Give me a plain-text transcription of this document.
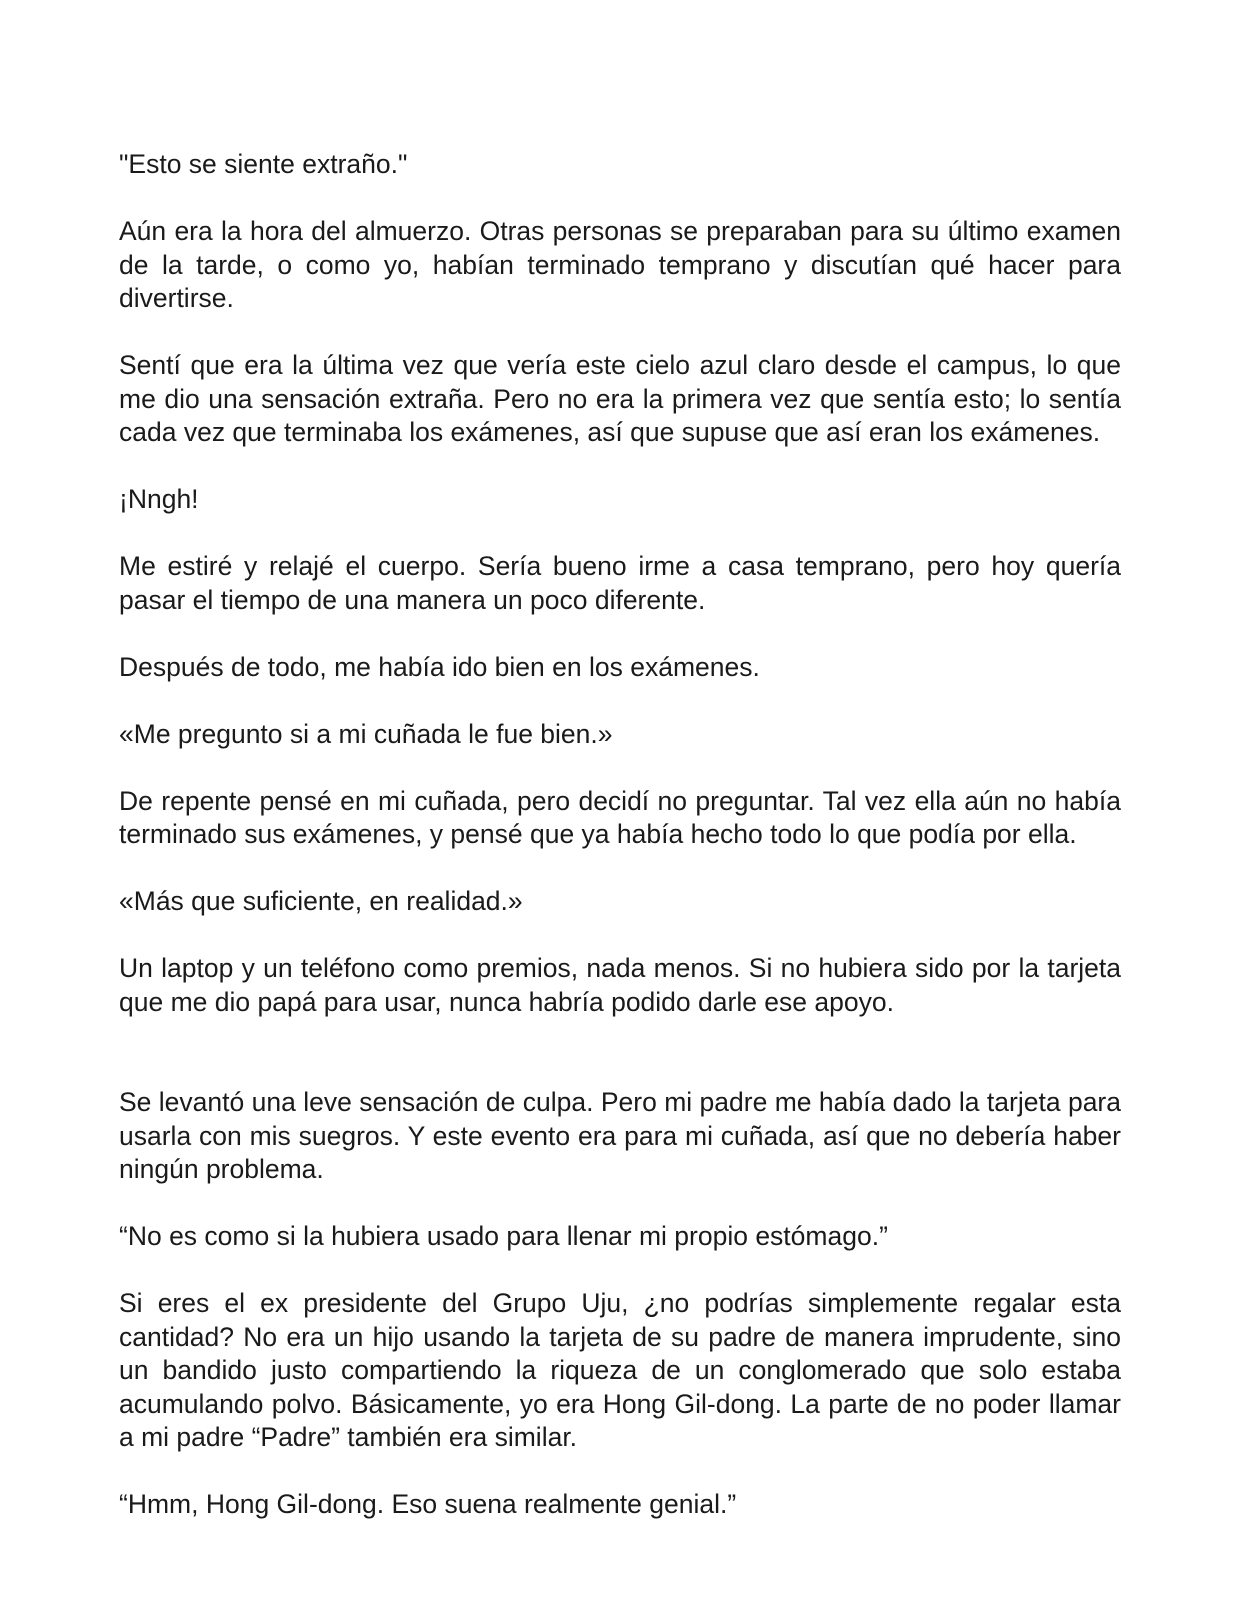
"Esto se siente extraño."

Aún era la hora del almuerzo. Otras personas se preparaban para su último examen de la tarde, o como yo, habían terminado temprano y discutían qué hacer para divertirse.

Sentí que era la última vez que vería este cielo azul claro desde el campus, lo que me dio una sensación extraña. Pero no era la primera vez que sentía esto; lo sentía cada vez que terminaba los exámenes, así que supuse que así eran los exámenes.

¡Nngh!

Me estiré y relajé el cuerpo. Sería bueno irme a casa temprano, pero hoy quería pasar el tiempo de una manera un poco diferente.

Después de todo, me había ido bien en los exámenes.

«Me pregunto si a mi cuñada le fue bien.»

De repente pensé en mi cuñada, pero decidí no preguntar. Tal vez ella aún no había terminado sus exámenes, y pensé que ya había hecho todo lo que podía por ella.

«Más que suficiente, en realidad.»

Un laptop y un teléfono como premios, nada menos. Si no hubiera sido por la tarjeta que me dio papá para usar, nunca habría podido darle ese apoyo.

Se levantó una leve sensación de culpa. Pero mi padre me había dado la tarjeta para usarla con mis suegros. Y este evento era para mi cuñada, así que no debería haber ningún problema.

“No es como si la hubiera usado para llenar mi propio estómago.”

Si eres el ex presidente del Grupo Uju, ¿no podrías simplemente regalar esta cantidad? No era un hijo usando la tarjeta de su padre de manera imprudente, sino un bandido justo compartiendo la riqueza de un conglomerado que solo estaba acumulando polvo. Básicamente, yo era Hong Gil-dong. La parte de no poder llamar a mi padre “Padre” también era similar.

“Hmm, Hong Gil-dong. Eso suena realmente genial.”
